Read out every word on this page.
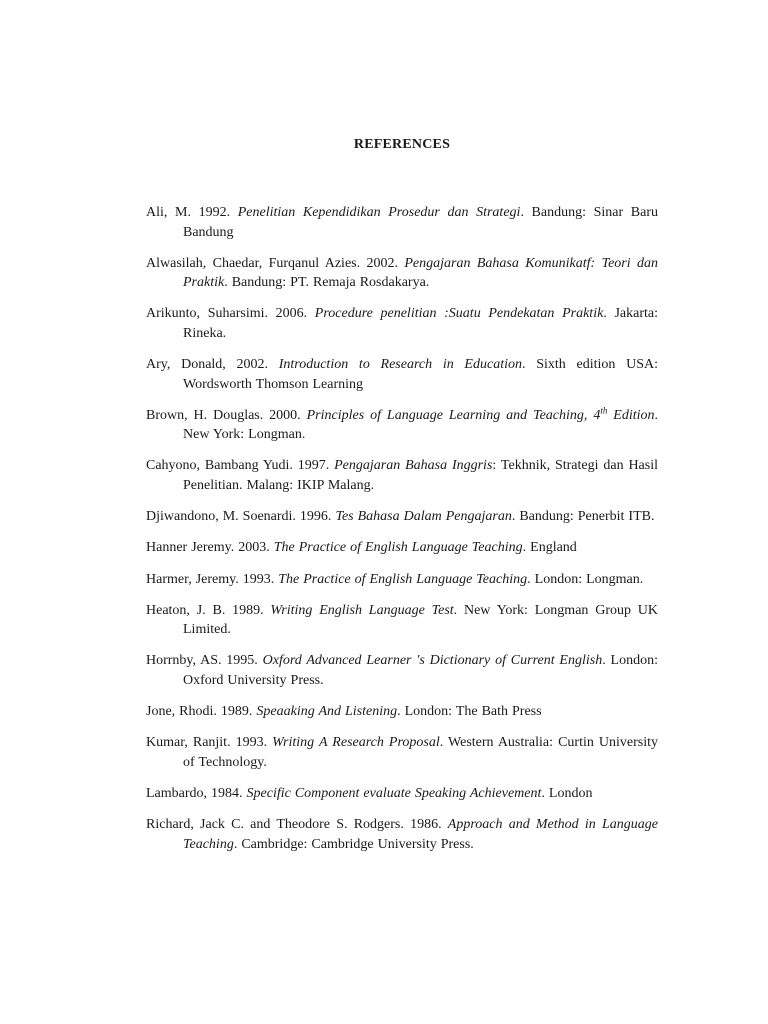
REFERENCES
Ali, M. 1992. Penelitian Kependidikan Prosedur dan Strategi. Bandung: Sinar Baru Bandung
Alwasilah, Chaedar, Furqanul Azies. 2002. Pengajaran Bahasa Komunikatf: Teori dan Praktik. Bandung: PT. Remaja Rosdakarya.
Arikunto, Suharsimi. 2006. Procedure penelitian :Suatu Pendekatan Praktik. Jakarta: Rineka.
Ary, Donald, 2002. Introduction to Research in Education. Sixth edition USA: Wordsworth Thomson Learning
Brown, H. Douglas. 2000. Principles of Language Learning and Teaching, 4th Edition. New York: Longman.
Cahyono, Bambang Yudi. 1997. Pengajaran Bahasa Inggris: Tekhnik, Strategi dan Hasil Penelitian. Malang: IKIP Malang.
Djiwandono, M. Soenardi. 1996. Tes Bahasa Dalam Pengajaran. Bandung: Penerbit ITB.
Hanner Jeremy. 2003. The Practice of English Language Teaching. England
Harmer, Jeremy. 1993. The Practice of English Language Teaching. London: Longman.
Heaton, J. B. 1989. Writing English Language Test. New York: Longman Group UK Limited.
Horrnby, AS. 1995. Oxford Advanced Learner 's Dictionary of Current English. London: Oxford University Press.
Jone, Rhodi. 1989. Speaaking And Listening. London: The Bath Press
Kumar, Ranjit. 1993. Writing A Research Proposal. Western Australia: Curtin University of Technology.
Lambardo, 1984. Specific Component evaluate Speaking Achievement. London
Richard, Jack C. and Theodore S. Rodgers. 1986. Approach and Method in Language Teaching. Cambridge: Cambridge University Press.
